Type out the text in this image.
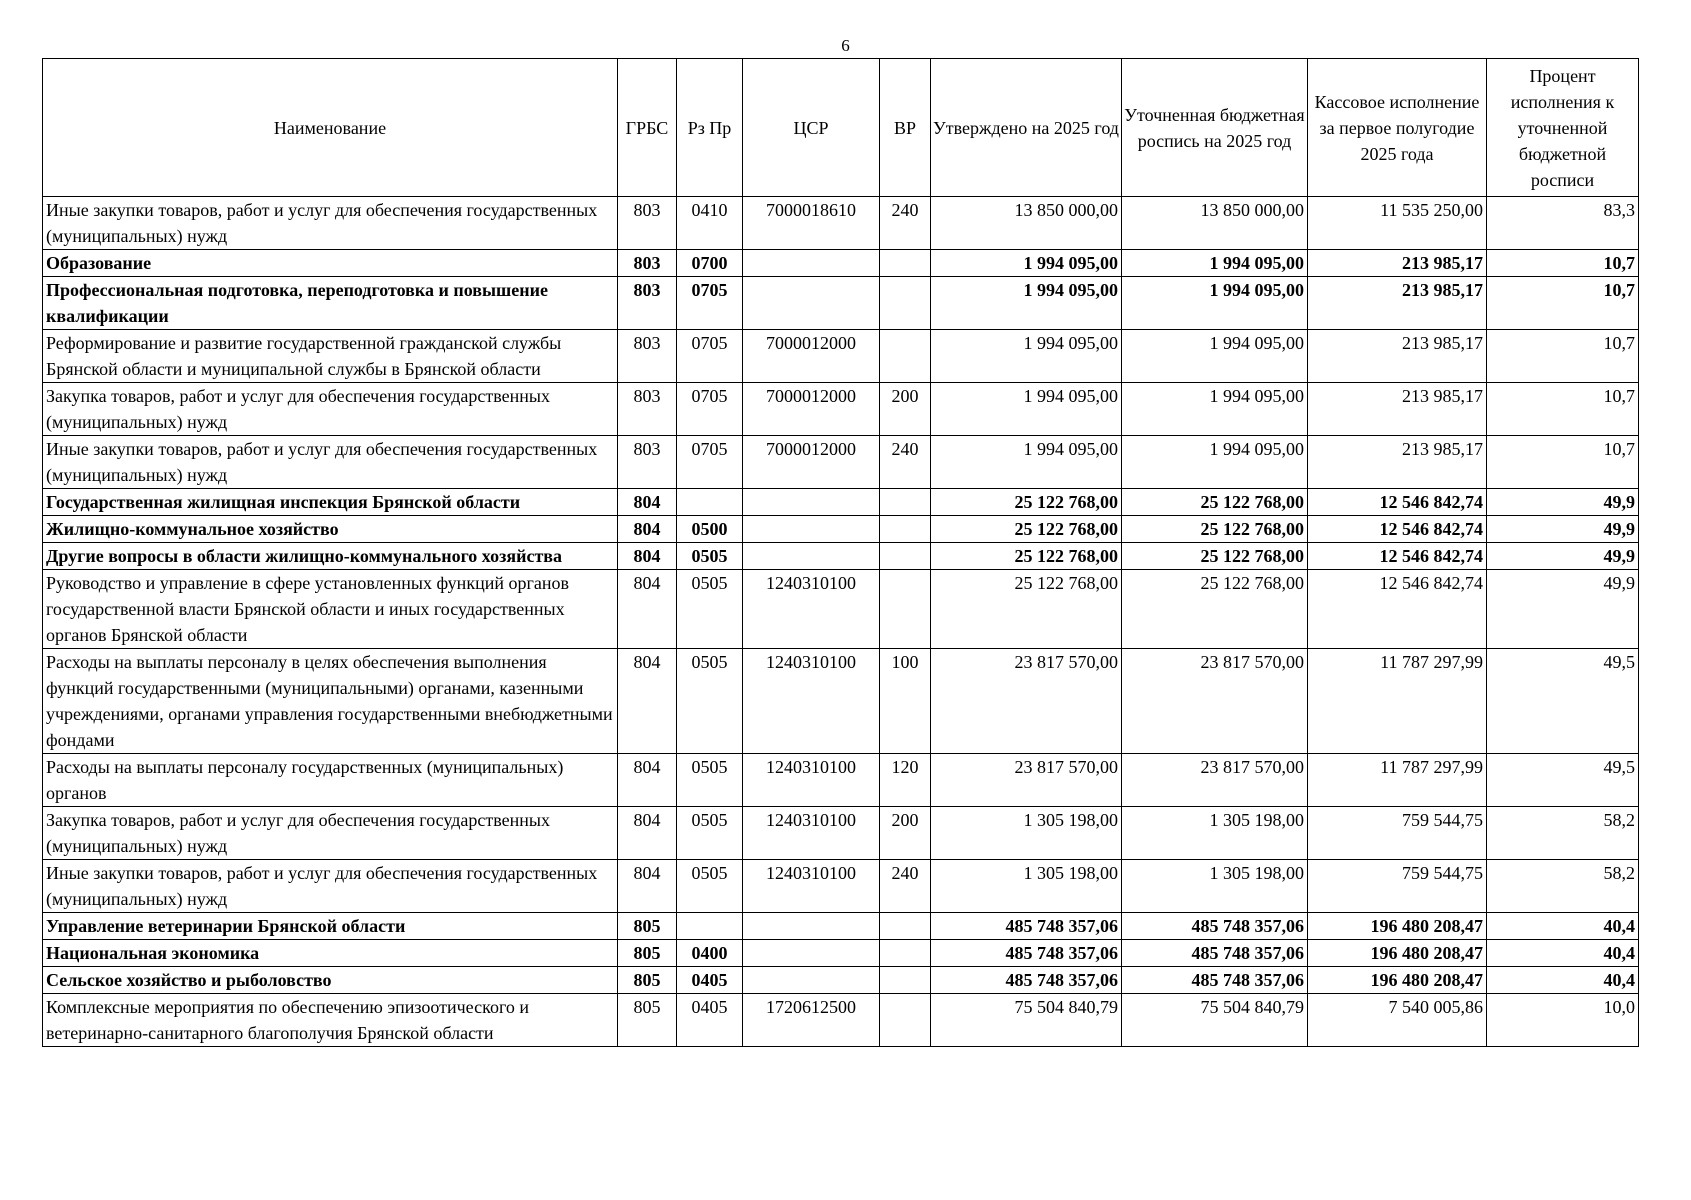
6
Наименование	ГРБС	Рз Пр	ЦСР	ВР	Утверждено на 2025 год	Уточненная бюджетная роспись на 2025 год	Кассовое исполнение за первое полугодие 2025 года	Процент исполнения к уточненной бюджетной росписи
Иные закупки товаров, работ и услуг для обеспечения государственных (муниципальных) нужд	803	0410	7000018610	240	13 850 000,00	13 850 000,00	11 535 250,00	83,3
Образование	803	0700			1 994 095,00	1 994 095,00	213 985,17	10,7
Профессиональная подготовка, переподготовка и повышение квалификации	803	0705			1 994 095,00	1 994 095,00	213 985,17	10,7
Реформирование и развитие государственной гражданской службы Брянской области и муниципальной службы в Брянской области	803	0705	7000012000		1 994 095,00	1 994 095,00	213 985,17	10,7
Закупка товаров, работ и услуг для обеспечения государственных (муниципальных) нужд	803	0705	7000012000	200	1 994 095,00	1 994 095,00	213 985,17	10,7
Иные закупки товаров, работ и услуг для обеспечения государственных (муниципальных) нужд	803	0705	7000012000	240	1 994 095,00	1 994 095,00	213 985,17	10,7
Государственная жилищная инспекция Брянской области	804				25 122 768,00	25 122 768,00	12 546 842,74	49,9
Жилищно-коммунальное хозяйство	804	0500			25 122 768,00	25 122 768,00	12 546 842,74	49,9
Другие вопросы в области жилищно-коммунального хозяйства	804	0505			25 122 768,00	25 122 768,00	12 546 842,74	49,9
Руководство и управление в сфере установленных функций органов государственной власти Брянской области и иных государственных органов Брянской области	804	0505	1240310100		25 122 768,00	25 122 768,00	12 546 842,74	49,9
Расходы на выплаты персоналу в целях обеспечения выполнения функций государственными (муниципальными) органами, казенными учреждениями, органами управления государственными внебюджетными фондами	804	0505	1240310100	100	23 817 570,00	23 817 570,00	11 787 297,99	49,5
Расходы на выплаты персоналу государственных (муниципальных) органов	804	0505	1240310100	120	23 817 570,00	23 817 570,00	11 787 297,99	49,5
Закупка товаров, работ и услуг для обеспечения государственных (муниципальных) нужд	804	0505	1240310100	200	1 305 198,00	1 305 198,00	759 544,75	58,2
Иные закупки товаров, работ и услуг для обеспечения государственных (муниципальных) нужд	804	0505	1240310100	240	1 305 198,00	1 305 198,00	759 544,75	58,2
Управление ветеринарии Брянской области	805				485 748 357,06	485 748 357,06	196 480 208,47	40,4
Национальная экономика	805	0400			485 748 357,06	485 748 357,06	196 480 208,47	40,4
Сельское хозяйство и рыболовство	805	0405			485 748 357,06	485 748 357,06	196 480 208,47	40,4
Комплексные мероприятия по обеспечению эпизоотического и ветеринарно-санитарного благополучия Брянской области	805	0405	1720612500		75 504 840,79	75 504 840,79	7 540 005,86	10,0
